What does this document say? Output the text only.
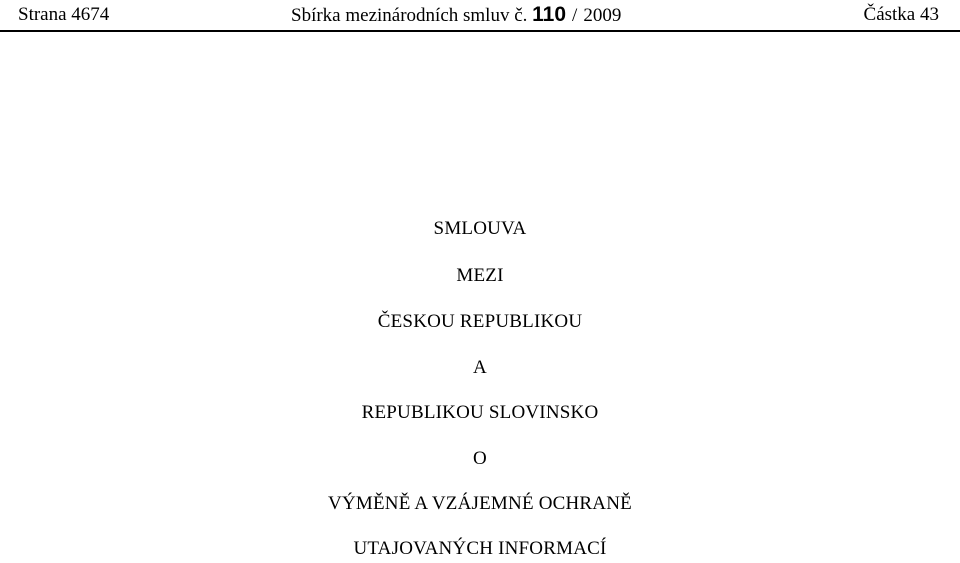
Strana 4674	Sbírka mezinárodních smluv č. 110 / 2009	Částka 43
SMLOUVA
MEZI
ČESKOU REPUBLIKOU
A
REPUBLIKOU SLOVINSKO
O
VÝMĚNĚ A VZÁJEMNÉ OCHRANĚ
UTAJOVANÝCH INFORMACÍ
